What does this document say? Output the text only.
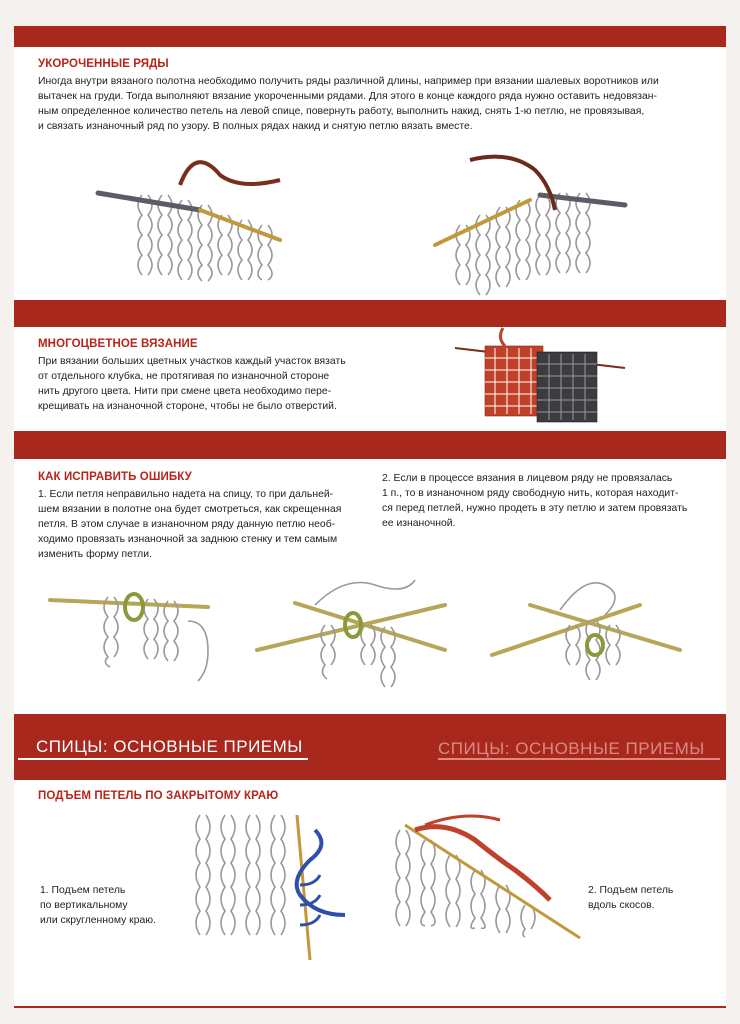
УКОРОЧЕННЫЕ РЯДЫ

Иногда внутри вязаного полотна необходимо получить ряды различной длины, например при вязании шалевых воротников или
вытачек на груди. Тогда выполняют вязание укороченными рядами. Для этого в конце каждого ряда нужно оставить недовязан-
ным определенное количество петель на левой спице, повернуть работу, выполнить накид, снять 1-ю петлю, не провязывая,
и связать изнаночный ряд по узору. В полных рядах накид и снятую петлю вязать вместе.

МНОГОЦВЕТНОЕ ВЯЗАНИЕ

При вязании больших цветных участков каждый участок вязать
от отдельного клубка, не протягивая по изнаночной стороне
нить другого цвета. Нити при смене цвета необходимо пере-
крещивать на изнаночной стороне, чтобы не было отверстий.

КАК ИСПРАВИТЬ ОШИБКУ

1. Если петля неправильно надета на спицу, то при дальней-
шем вязании в полотне она будет смотреться, как скрещенная
петля. В этом случае в изнаночном ряду данную петлю необ-
ходимо провязать изнаночной за заднюю стенку и тем самым
изменить форму петли.

2. Если в процессе вязания в лицевом ряду не провязалась
1 п., то в изнаночном ряду свободную нить, которая находит-
ся перед петлей, нужно продеть в эту петлю и затем провязать
ее изнаночной.

СПИЦЫ: ОСНОВНЫЕ ПРИЕМЫ	СПИЦЫ: ОСНОВНЫЕ ПРИЕМЫ
ПОДЪЕМ ПЕТЕЛЬ ПО ЗАКРЫТОМУ КРАЮ

1. Подъем петель
по вертикальному
или скругленному краю.

2. Подъем петель
вдоль скосов.
